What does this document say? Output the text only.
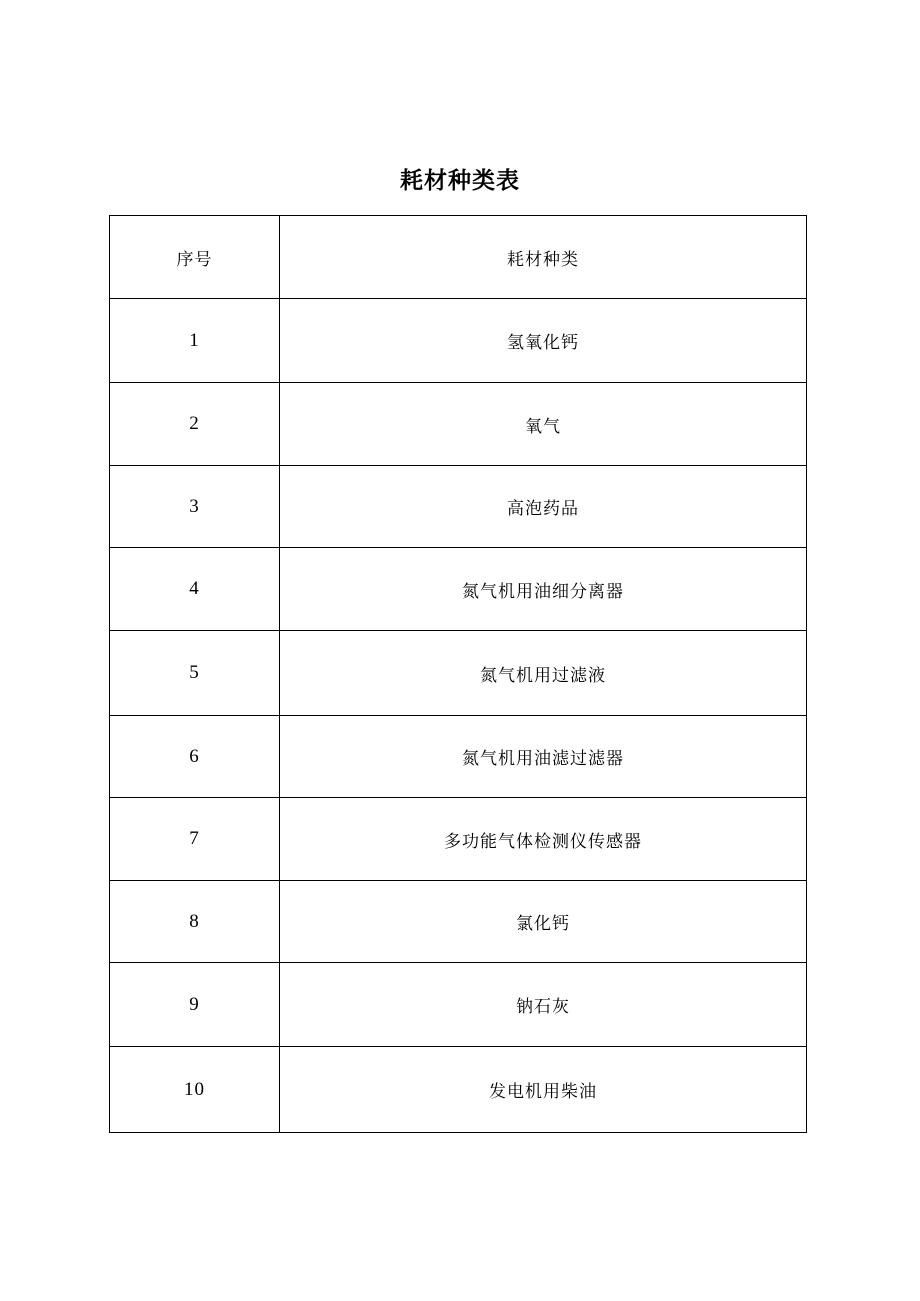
耗材种类表
序号	耗材种类
1	氢氧化钙
2	氧气
3	高泡药品
4	氮气机用油细分离器
5	氮气机用过滤液
6	氮气机用油滤过滤器
7	多功能气体检测仪传感器
8	氯化钙
9	钠石灰
10	发电机用柴油
